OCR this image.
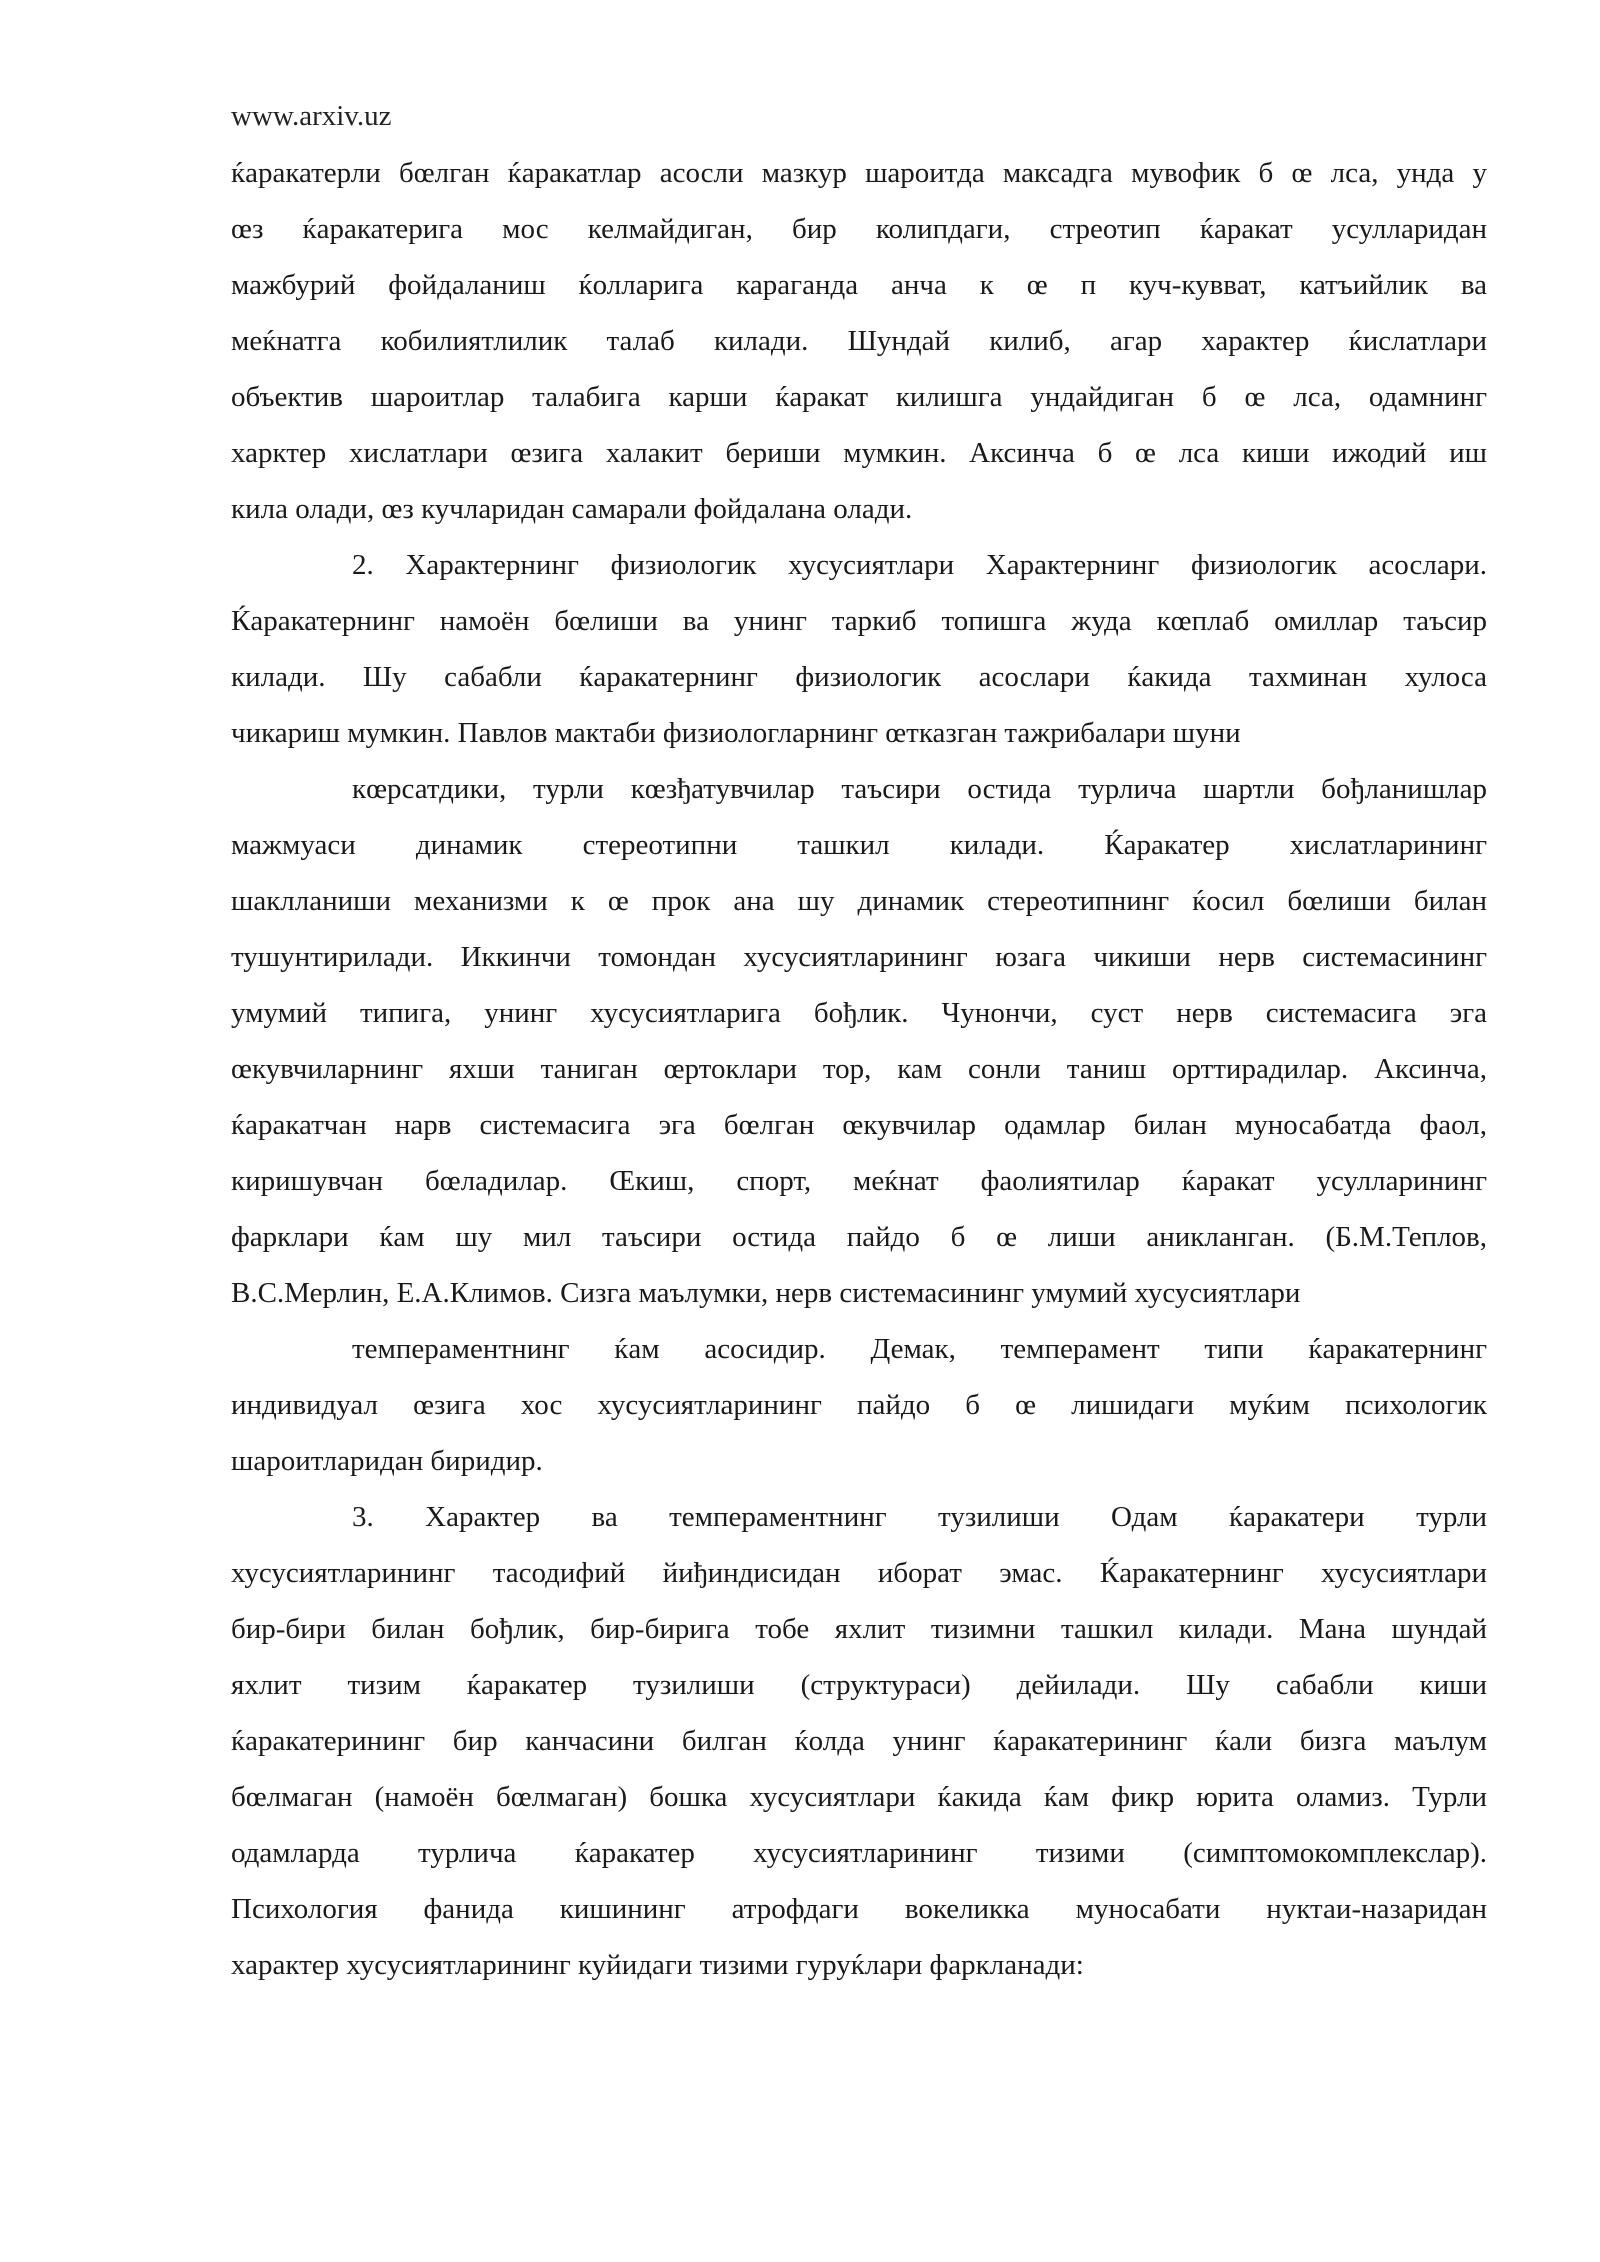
www.arxiv.uz
ќаракатерли бœлган ќаракатлар асосли мазкур шароитда максадга мувофик б œ лса, унда у
œз ќаракатерига мос келмайдиган, бир колипдаги, стреотип ќаракат усулларидан
мажбурий фойдаланиш ќолларига караганда анча к œ п куч-кувват, катъийлик ва
меќнатга кобилиятлилик талаб килади. Шундай килиб, агар характер ќислатлари
объектив шароитлар талабига карши ќаракат килишга ундайдиган б œ лса, одамнинг
харктер хислатлари œзига халакит бериши мумкин. Аксинча б œ лса киши ижодий иш
кила олади, œз кучларидан самарали фойдалана олади.
2. Характернинг физиологик хусусиятлари Характернинг физиологик асослари.
Ќаракатернинг намоён бœлиши ва унинг таркиб топишга жуда кœплаб омиллар таъсир
килади. Шу сабабли ќаракатернинг физиологик асослари ќакида тахминан хулоса
чикариш мумкин. Павлов мактаби физиологларнинг œтказган тажрибалари шуни
кœрсатдики, турли кœзђатувчилар таъсири остида турлича шартли бођланишлар
мажмуаси динамик стереотипни ташкил килади. Ќаракатер хислатларининг
шаклланиши механизми к œ прок ана шу динамик стереотипнинг ќосил бœлиши билан
тушунтирилади. Иккинчи томондан хусусиятларининг юзага чикиши нерв системасининг
умумий типига, унинг хусусиятларига бођлик. Чунончи, суст нерв системасига эга
œкувчиларнинг яхши таниган œртоклари тор, кам сонли таниш орттирадилар. Аксинча,
ќаракатчан нарв системасига эга бœлган œкувчилар одамлар билан муносабатда фаол,
киришувчан бœладилар. Œкиш, спорт, меќнат фаолиятилар ќаракат усулларининг
фарклари ќам шу мил таъсири остида пайдо б œ лиши аникланган. (Б.М.Теплов,
В.С.Мерлин, Е.А.Климов. Сизга маълумки, нерв системасининг умумий хусусиятлари
темпераментнинг ќам асосидир. Демак, темперамент типи ќаракатернинг
индивидуал œзига хос хусусиятларининг пайдо б œ лишидаги муќим психологик
шароитларидан биридир.
3. Характер ва темпераментнинг тузилиши Одам ќаракатери турли
хусусиятларининг тасодифий йиђиндисидан иборат эмас. Ќаракатернинг хусусиятлари
бир-бири билан бођлик, бир-бирига тобе яхлит тизимни ташкил килади. Мана шундай
яхлит тизим ќаракатер тузилиши (структураси) дейилади. Шу сабабли киши
ќаракатерининг бир канчасини билган ќолда унинг ќаракатерининг ќали бизга маълум
бœлмаган (намоён бœлмаган) бошка хусусиятлари ќакида ќам фикр юрита оламиз. Турли
одамларда турлича ќаракатер хусусиятларининг тизими (симптомокомплекслар).
Психология фанида кишининг атрофдаги вокеликка муносабати нуктаи-назаридан
характер хусусиятларининг куйидаги тизими гуруќлари фаркланади:
